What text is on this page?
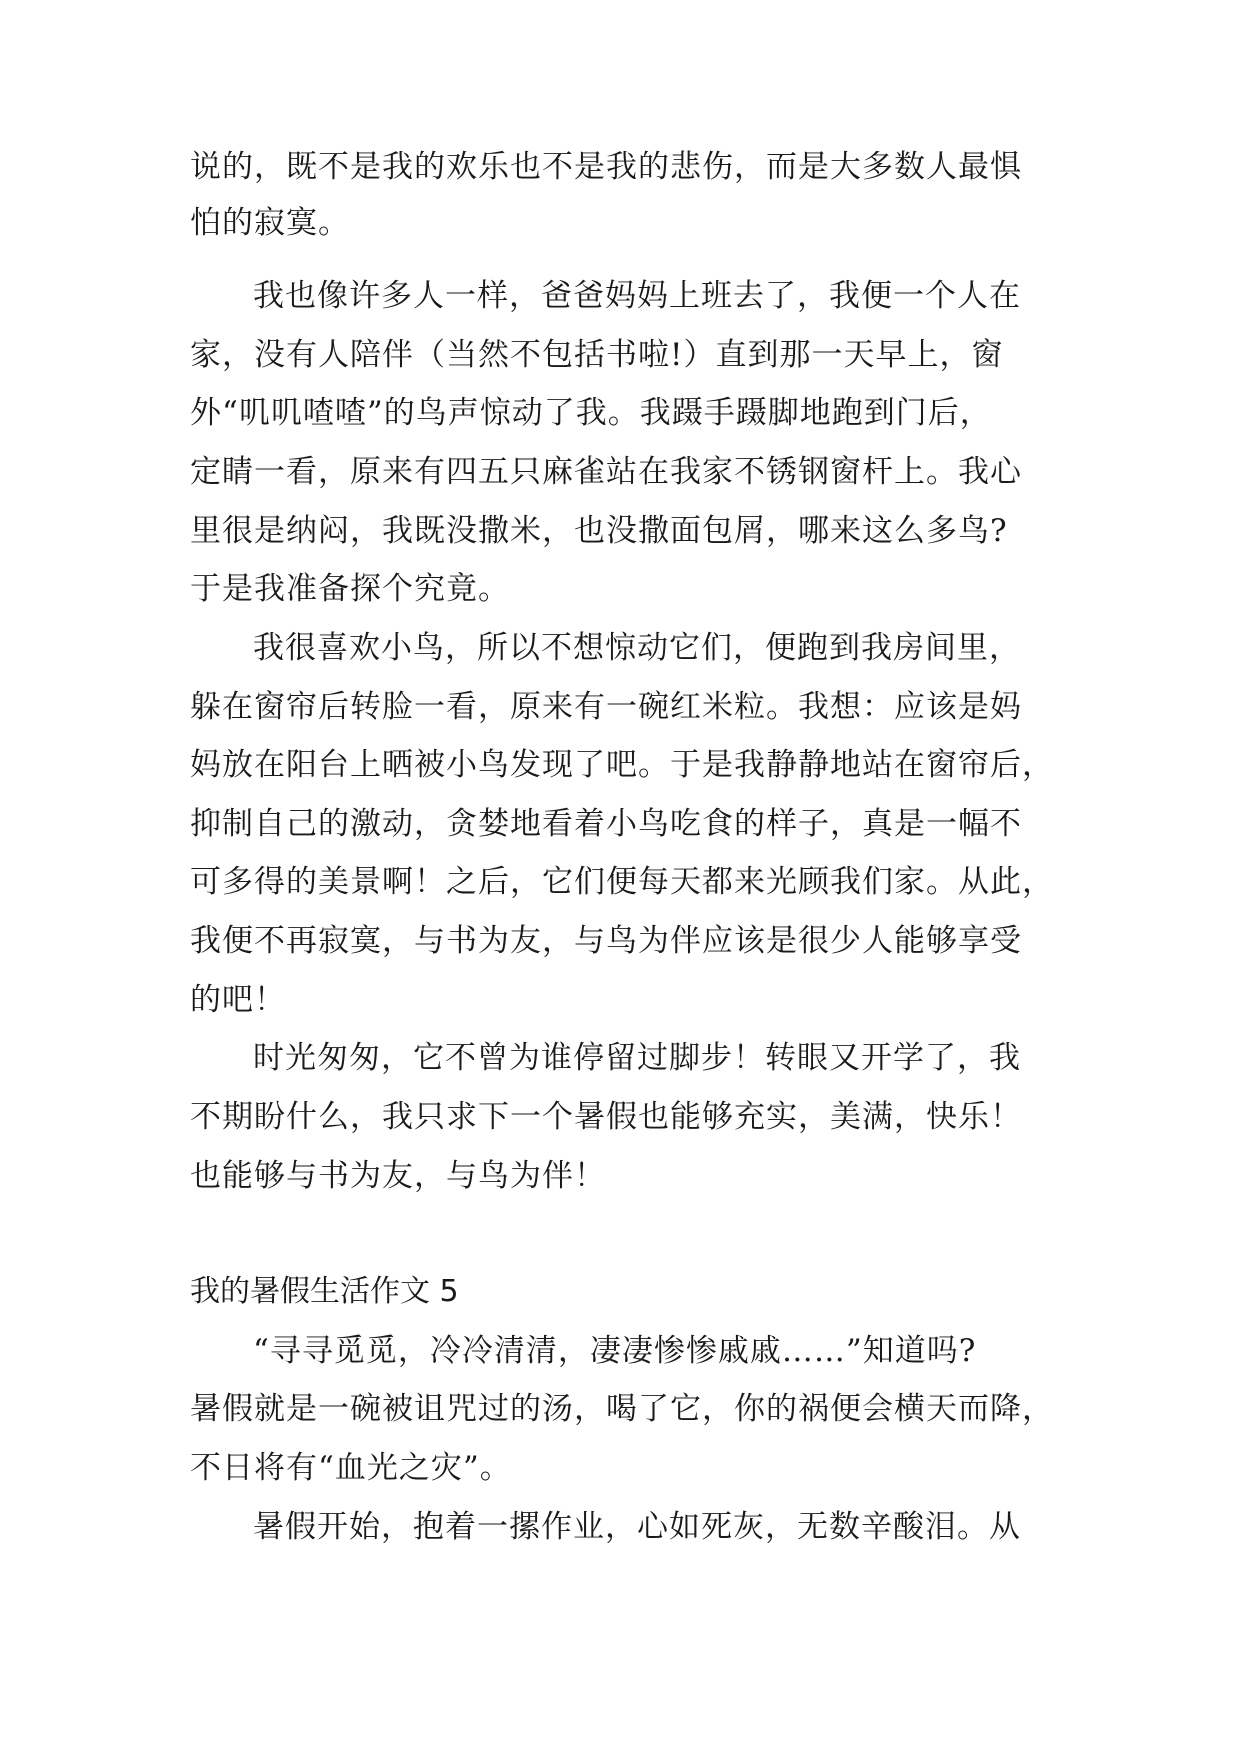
说的，既不是我的欢乐也不是我的悲伤，而是大多数人最惧

怕的寂寞。

我也像许多人一样，爸爸妈妈上班去了，我便一个人在

家，没有人陪伴（当然不包括书啦!）直到那一天早上，窗

外“叽叽喳喳”的鸟声惊动了我。我蹑手蹑脚地跑到门后，

定睛一看，原来有四五只麻雀站在我家不锈钢窗杆上。我心

里很是纳闷，我既没撒米，也没撒面包屑，哪来这么多鸟?

于是我准备探个究竟。

我很喜欢小鸟，所以不想惊动它们，便跑到我房间里，

躲在窗帘后转脸一看，原来有一碗红米粒。我想：应该是妈

妈放在阳台上晒被小鸟发现了吧。于是我静静地站在窗帘后，

抑制自己的激动，贪婪地看着小鸟吃食的样子，真是一幅不

可多得的美景啊！之后，它们便每天都来光顾我们家。从此，

我便不再寂寞，与书为友，与鸟为伴应该是很少人能够享受

的吧！

时光匆匆，它不曾为谁停留过脚步！转眼又开学了，我

不期盼什么，我只求下一个暑假也能够充实，美满，快乐！

也能够与书为友，与鸟为伴！

我的暑假生活作文 5

“寻寻觅觅，冷冷清清，凄凄惨惨戚戚……”知道吗?

暑假就是一碗被诅咒过的汤，喝了它，你的祸便会横天而降，

不日将有“血光之灾”。

暑假开始，抱着一摞作业，心如死灰，无数辛酸泪。从
